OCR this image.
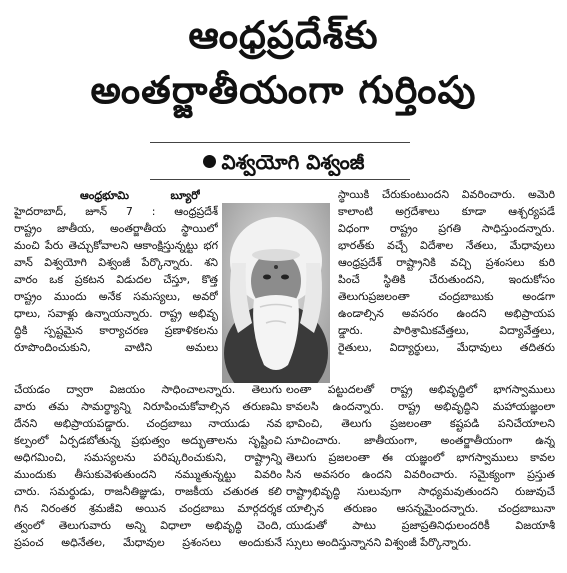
ఆంధ్రప్రదేశ్‌కు
అంతర్జాతీయంగా గుర్తింపు
విశ్వయోగి విశ్వంజీ
ఆంధ్రభూమి బ్యూరో
హైదరాబాద్, జూన్ 7 : ఆంధ్రప్రదేశ్
రాష్ట్రం జాతీయ, అంతర్జాతీయ స్థాయిలో
మంచి పేరు తెచ్చుకోవాలని ఆకాంక్షిస్తున్నట్టు భగ
వాన్ విశ్వయోగి విశ్వంజీ పేర్కొన్నారు. శని
వారం ఒక ప్రకటన విడుదల చేస్తూ, కొత్త
రాష్ట్రం ముందు అనేక సమస్యలు, అవరో
ధాలు, సవాళ్లు ఉన్నాయన్నారు. రాష్ట్ర అభివృ
ద్ధికి స్పష్టమైన కార్యాచరణ ప్రణాళికలను
రూపొందించుకుని, వాటిని అమలు
చేయడం ద్వారా విజయం సాధించాలన్నారు. తెలుగు
వారు తమ సామర్థ్యాన్ని నిరూపించుకోవాల్సిన తరుణమి
దేనని అభిప్రాయపడ్డారు. చంద్రబాబు నాయుడు నవ
కల్పంలో ఏర్పడబోతున్న ప్రభుత్వం అద్భుతాలను సృష్టించి
అధిగమించి, సమస్యలను పరిష్కరించుకుని, రాష్ట్రాన్ని
ముందుకు తీసుకువెళుతుందని నమ్ముతున్నట్టు వివరిం
చారు. సమర్థుడు, రాజనీతిజ్ఞుడు, రాజకీయ చతురత కలి
గిన నిరంతర శ్రమజీవి అయిన చంద్రబాబు మార్గదర్శక
త్వంలో తెలుగువారు అన్ని విధాలా అభివృద్ధి చెంది,
ప్రపంచ అధినేతల, మేధావుల ప్రశంసలు అందుకునే
స్థాయికి చేరుకుంటుందని వివరించారు. అమెరి
కాలాంటి అగ్రదేశాలు కూడా ఆశ్చర్యపడే
విధంగా రాష్ట్రం ప్రగతి సాధిస్తుందన్నారు.
భారత్‌కు వచ్చే విదేశాల నేతలు, మేధావులు
ఆంధ్రప్రదేశ్ రాష్ట్రానికి వచ్చి ప్రశంసలు కురి
పించే స్థితికి చేరుతుందని, ఇందుకోసం
తెలుగుప్రజలంతా చంద్రబాబుకు అండగా
ఉండాల్సిన అవసరం ఉందని అభిప్రాయప
డ్డారు. పారిశ్రామికవేత్తలు, విద్యావేత్తలు,
రైతులు, విద్యార్థులు, మేధావులు తదితరు
లంతా పట్టుదలతో రాష్ట్ర అభివృద్ధిలో భాగస్వాములు
కావలసి ఉందన్నారు. రాష్ట్ర అభివృద్ధిని మహాయజ్ఞంలా
భావించి, తెలుగు ప్రజలంతా కష్టపడి పనిచేయాలని
సూచించారు. జాతీయంగా, అంతర్జాతీయంగా ఉన్న
తెలుగు ప్రజలంతా ఈ యజ్ఞంలో భాగస్వాములు కావల
సిన అవసరం ఉందని వివరించారు. సమైక్యంగా ప్రస్తుత
రాష్ట్రాభివృద్ధి సులువుగా సాధ్యమవుతుందని రుజువుచే
యాల్సిన తరుణం ఆసన్నమైందన్నారు. చంద్రబాబునా
యుడుతో పాటు ప్రజాప్రతినిధులందరికీ విజయాశీ
స్సులు అందిస్తున్నానని విశ్వంజీ పేర్కొన్నారు.
